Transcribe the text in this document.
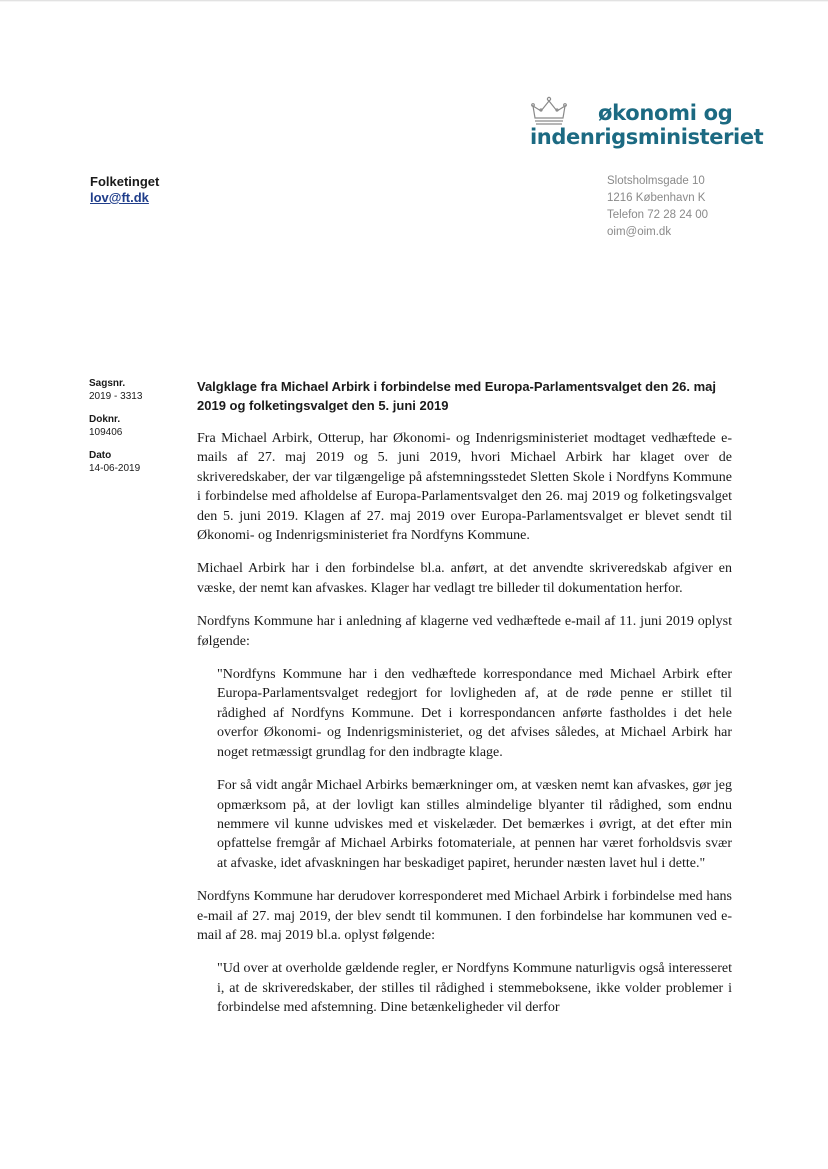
økonomi og
indenrigsministeriet
Folketinget
lov@ft.dk
Slotsholmsgade 10
1216 København K
Telefon 72 28 24 00
oim@oim.dk
Sagsnr.
2019 - 3313
Doknr.
109406
Dato
14-06-2019
Valgklage fra Michael Arbirk i forbindelse med Europa-Parlamentsvalget den 26. maj 2019 og folketingsvalget den 5. juni 2019

Fra Michael Arbirk, Otterup, har Økonomi- og Indenrigsministeriet modtaget vedhæftede e-mails af 27. maj 2019 og 5. juni 2019, hvori Michael Arbirk har klaget over de skriveredskaber, der var tilgængelige på afstemningsstedet Sletten Skole i Nordfyns Kommune i forbindelse med afholdelse af Europa-Parlamentsvalget den 26. maj 2019 og folketingsvalget den 5. juni 2019. Klagen af 27. maj 2019 over Europa-Parlamentsvalget er blevet sendt til Økonomi- og Indenrigsministeriet fra Nordfyns Kommune.

Michael Arbirk har i den forbindelse bl.a. anført, at det anvendte skriveredskab afgiver en væske, der nemt kan afvaskes. Klager har vedlagt tre billeder til dokumentation herfor.

Nordfyns Kommune har i anledning af klagerne ved vedhæftede e-mail af 11. juni 2019 oplyst følgende:

"Nordfyns Kommune har i den vedhæftede korrespondance med Michael Arbirk efter Europa-Parlamentsvalget redegjort for lovligheden af, at de røde penne er stillet til rådighed af Nordfyns Kommune. Det i korrespondancen anførte fastholdes i det hele overfor Økonomi- og Indenrigsministeriet, og det afvises således, at Michael Arbirk har noget retmæssigt grundlag for den indbragte klage.

For så vidt angår Michael Arbirks bemærkninger om, at væsken nemt kan afvaskes, gør jeg opmærksom på, at der lovligt kan stilles almindelige blyanter til rådighed, som endnu nemmere vil kunne udviskes med et viskelæder. Det bemærkes i øvrigt, at det efter min opfattelse fremgår af Michael Arbirks fotomateriale, at pennen har været forholdsvis svær at afvaske, idet afvaskningen har beskadiget papiret, herunder næsten lavet hul i dette."

Nordfyns Kommune har derudover korresponderet med Michael Arbirk i forbindelse med hans e-mail af 27. maj 2019, der blev sendt til kommunen. I den forbindelse har kommunen ved e-mail af 28. maj 2019 bl.a. oplyst følgende:

"Ud over at overholde gældende regler, er Nordfyns Kommune naturligvis også interesseret i, at de skriveredskaber, der stilles til rådighed i stemmeboksene, ikke volder problemer i forbindelse med afstemning. Dine betænkeligheder vil derfor
